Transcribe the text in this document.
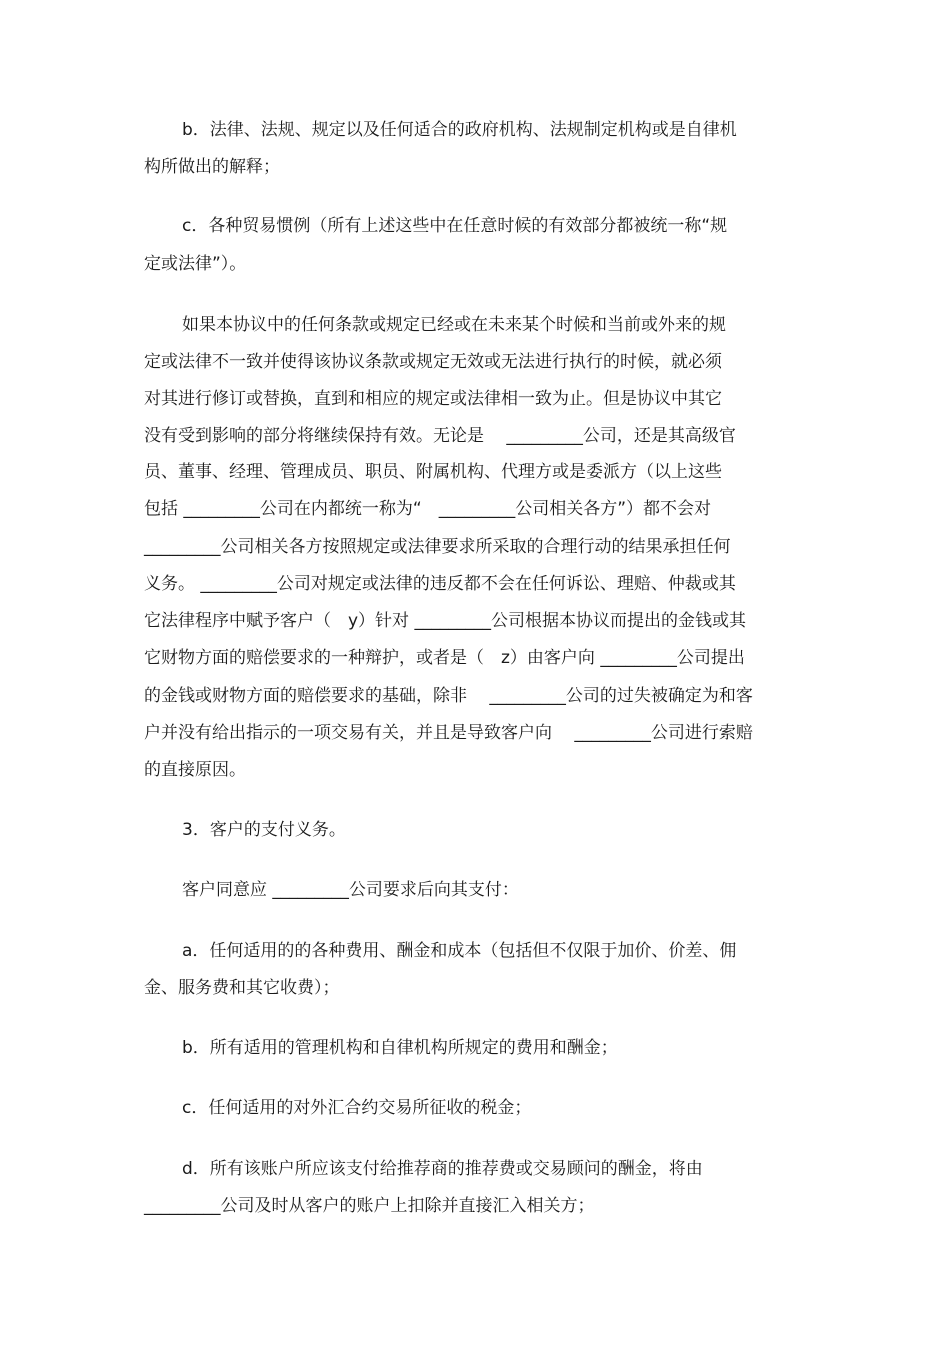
b．法律、法规、规定以及任何适合的政府机构、法规制定机构或是自律机

构所做出的解释；

c．各种贸易惯例（所有上述这些中在任意时候的有效部分都被统一称“规

定或法律”）。

如果本协议中的任何条款或规定已经或在未来某个时候和当前或外来的规

定或法律不一致并使得该协议条款或规定无效或无法进行执行的时候，就必须

对其进行修订或替换，直到和相应的规定或法律相一致为止。但是协议中其它

没有受到影响的部分将继续保持有效。无论是　 _________公司，还是其高级官

员、董事、经理、管理成员、职员、附属机构、代理方或是委派方（以上这些

包括 _________公司在内都统一称为“　_________公司相关各方”）都不会对

_________公司相关各方按照规定或法律要求所采取的合理行动的结果承担任何

义务。 _________公司对规定或法律的违反都不会在任何诉讼、理赔、仲裁或其

它法律程序中赋予客户（　y）针对 _________公司根据本协议而提出的金钱或其

它财物方面的赔偿要求的一种辩护，或者是（　z）由客户向 _________公司提出

的金钱或财物方面的赔偿要求的基础，除非　 _________公司的过失被确定为和客

户并没有给出指示的一项交易有关，并且是导致客户向　 _________公司进行索赔

的直接原因。

3．客户的支付义务。

客户同意应 _________公司要求后向其支付：

a．任何适用的的各种费用、酬金和成本（包括但不仅限于加价、价差、佣

金、服务费和其它收费）；

b．所有适用的管理机构和自律机构所规定的费用和酬金；

c．任何适用的对外汇合约交易所征收的税金；

d．所有该账户所应该支付给推荐商的推荐费或交易顾问的酬金，将由

_________公司及时从客户的账户上扣除并直接汇入相关方；
